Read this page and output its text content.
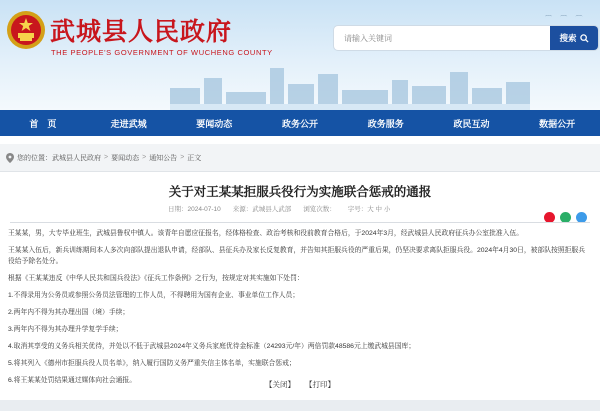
武城县人民政府
THE PEOPLE'S GOVERNMENT OF WUCHENG COUNTY
⌒ ⌒ ⌒
请输入关键词
搜索
首　页	走进武城	要闻动态	政务公开	政务服务	政民互动	数据公开
您的位置： 武城县人民政府 > 要闻动态 > 通知公告 > 正文
关于对王某某拒服兵役行为实施联合惩戒的通报
日期：2024-07-10 来源：武城县人武部 浏览次数： 字号：大 中 小
王某某，男，大专毕业班生，武城县鲁权中镇人。该青年自愿应征报名，经体格检查、政治考核和役前教育合格后，于2024年3月，经武城县人民政府征兵办公室批准入伍。
王某某入伍后，新兵训练期间本人多次向部队提出退队申请，经部队、县征兵办及家长反复教育，并告知其拒服兵役的严重后果，仍坚决要求离队拒服兵役。2024年4月30日，被部队按照拒服兵
役给予除名处分。
根据《王某某违反《中华人民共和国兵役法》《征兵工作条例》之行为，按规定对其实施如下处罚：
1.不得录用为公务员或参照公务员法管理的工作人员，不得聘用为国有企业、事业单位工作人员；
2.两年内不得为其办理出国（境）手续；
3.两年内不得为其办理升学复学手续；
4.取消其享受的义务兵相关优待，并处以不低于武城县2024年义务兵家庭优待金标准（24293元/年）两倍罚款48586元上缴武城县国库；
5.将其列入《德州市拒服兵役人员名单》，纳入履行国防义务严重失信主体名单，实施联合惩戒；
6.将王某某处罚结果通过媒体向社会通报。	【关闭】 【打印】
